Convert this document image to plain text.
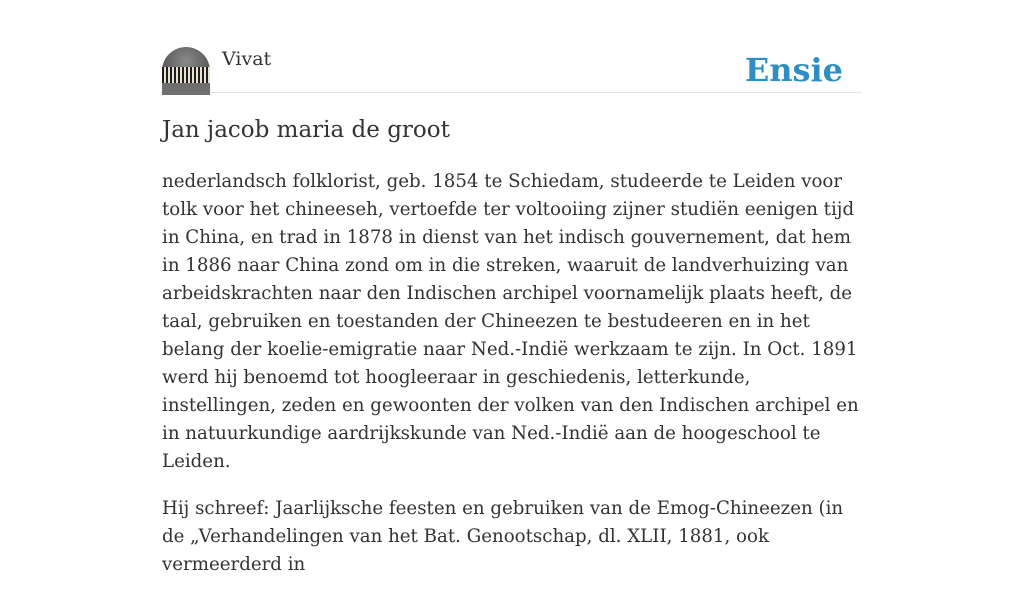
Vivat	Ensie
Jan jacob maria de groot

nederlandsch folklorist, geb. 1854 te Schiedam, studeerde te Leiden voor tolk voor het chineeseh, vertoefde ter voltooiing zijner studiën eenigen tijd in China, en trad in 1878 in dienst van het indisch gouvernement, dat hem in 1886 naar China zond om in die streken, waaruit de landverhuizing van arbeidskrachten naar den Indischen archipel voornamelijk plaats heeft, de taal, gebruiken en toestanden der Chineezen te bestudeeren en in het belang der koelie-emigratie naar Ned.-Indië werkzaam te zijn. In Oct. 1891 werd hij benoemd tot hoogleeraar in geschiedenis, letterkunde, instellingen, zeden en gewoonten der volken van den Indischen archipel en in natuurkundige aardrijkskunde van Ned.-Indië aan de hoogeschool te Leiden.

Hij schreef: Jaarlijksche feesten en gebruiken van de Emog-Chineezen (in de „Verhandelingen van het Bat. Genootschap, dl. XLII, 1881, ook vermeerderd in
